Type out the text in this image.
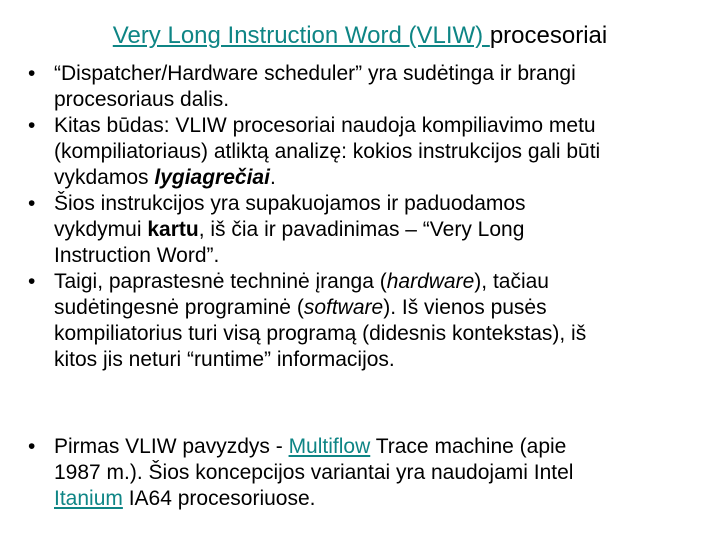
Very Long Instruction Word (VLIW) procesoriai
• “Dispatcher/Hardware scheduler” yra sudėtinga ir brangi
procesoriaus dalis.
• Kitas būdas: VLIW procesoriai naudoja kompiliavimo metu
(kompiliatoriaus) atliktą analizę: kokios instrukcijos gali būti
vykdamos lygiagrečiai.
• Šios instrukcijos yra supakuojamos ir paduodamos
vykdymui kartu, iš čia ir pavadinimas – “Very Long
Instruction Word”.
• Taigi, paprastesnė techninė įranga (hardware), tačiau
sudėtingesnė programinė (software). Iš vienos pusės
kompiliatorius turi visą programą (didesnis kontekstas), iš
kitos jis neturi “runtime” informacijos.
• Pirmas VLIW pavyzdys - Multiflow Trace machine (apie
1987 m.). Šios koncepcijos variantai yra naudojami Intel
Itanium IA64 procesoriuose.
